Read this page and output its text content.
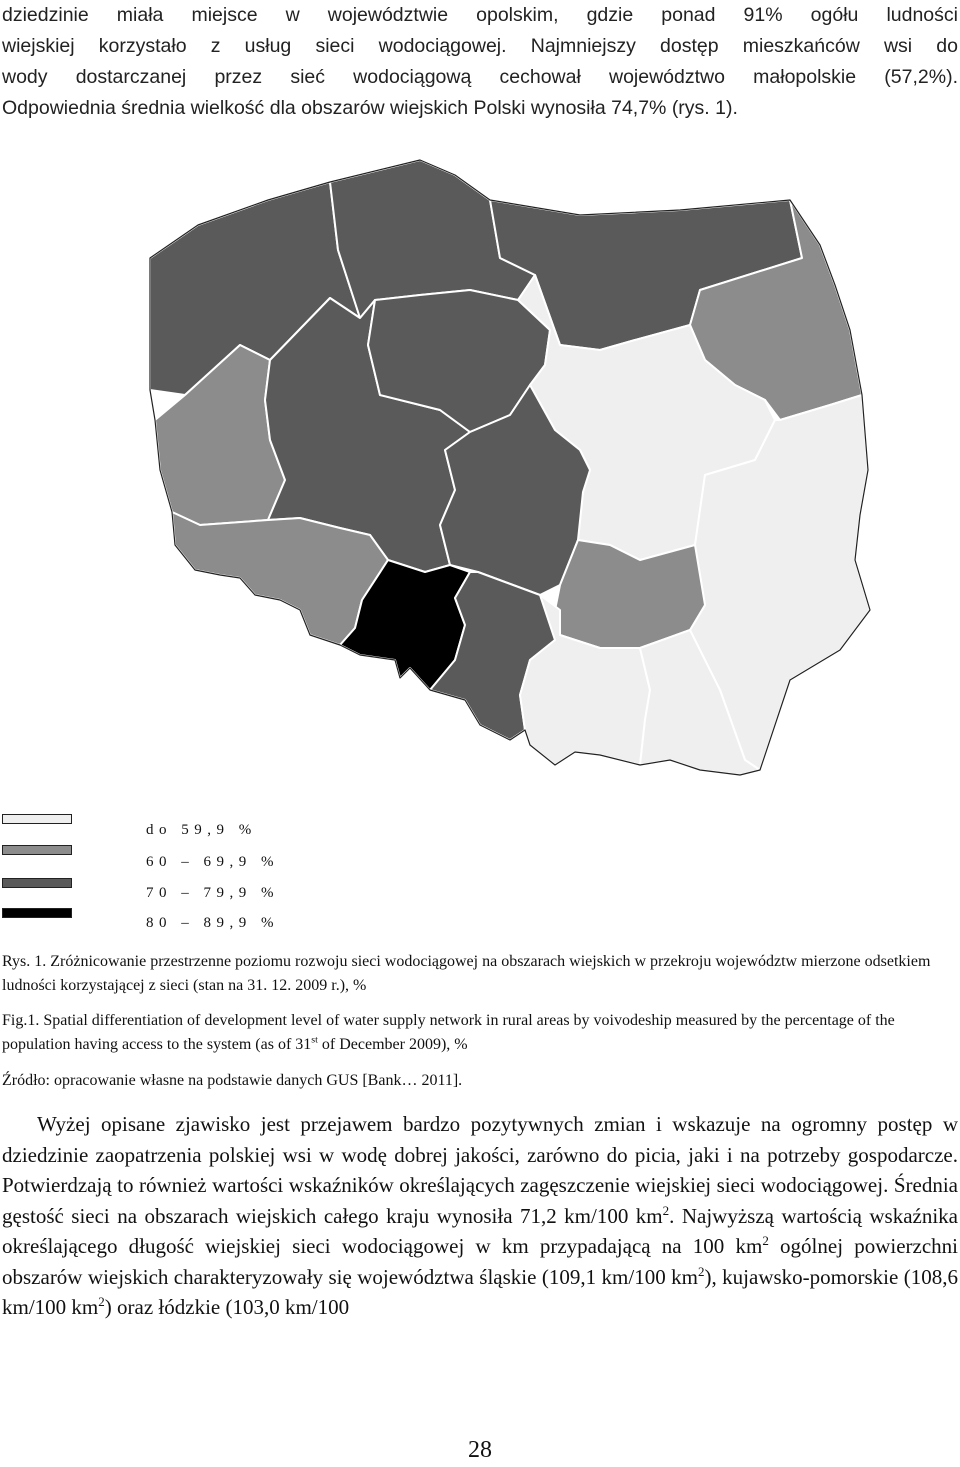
dziedzinie miała miejsce w województwie opolskim, gdzie ponad 91% ogółu ludności

wiejskiej korzystało z usług sieci wodociągowej. Najmniejszy dostęp mieszkańców wsi do

wody dostarczanej przez sieć wodociągową cechował województwo małopolskie (57,2%).

Odpowiednia średnia wielkość dla obszarów wiejskich Polski wynosiła 74,7% (rys. 1).

do 59,9 %
60 – 69,9 %
70 – 79,9 %
80 – 89,9 %

Rys. 1. Zróżnicowanie przestrzenne poziomu rozwoju sieci wodociągowej na obszarach wiejskich w przekroju województw mierzone odsetkiem ludności korzystającej z sieci (stan na 31. 12. 2009 r.), %

Fig.1. Spatial differentiation of development level of water supply network in rural areas by voivodeship measured by the percentage of the population having access to the system (as of 31st of December 2009), %

Źródło: opracowanie własne na podstawie danych GUS [Bank… 2011].

Wyżej opisane zjawisko jest przejawem bardzo pozytywnych zmian i wskazuje na ogromny postęp w dziedzinie zaopatrzenia polskiej wsi w wodę dobrej jakości, zarówno do picia, jaki i na potrzeby gospodarcze. Potwierdzają to również wartości wskaźników określających zagęszczenie wiejskiej sieci wodociągowej. Średnia gęstość sieci na obszarach wiejskich całego kraju wynosiła 71,2 km/100 $km^2$. Najwyższą wartością wskaźnika określającego długość wiejskiej sieci wodociągowej w km przypadającą na 100 $km^2$ ogólnej powierzchni obszarów wiejskich charakteryzowały się województwa śląskie (109,1 km/100 $km^2$), kujawsko-pomorskie (108,6 km/100 $km^2$) oraz łódzkie (103,0 km/100

28
